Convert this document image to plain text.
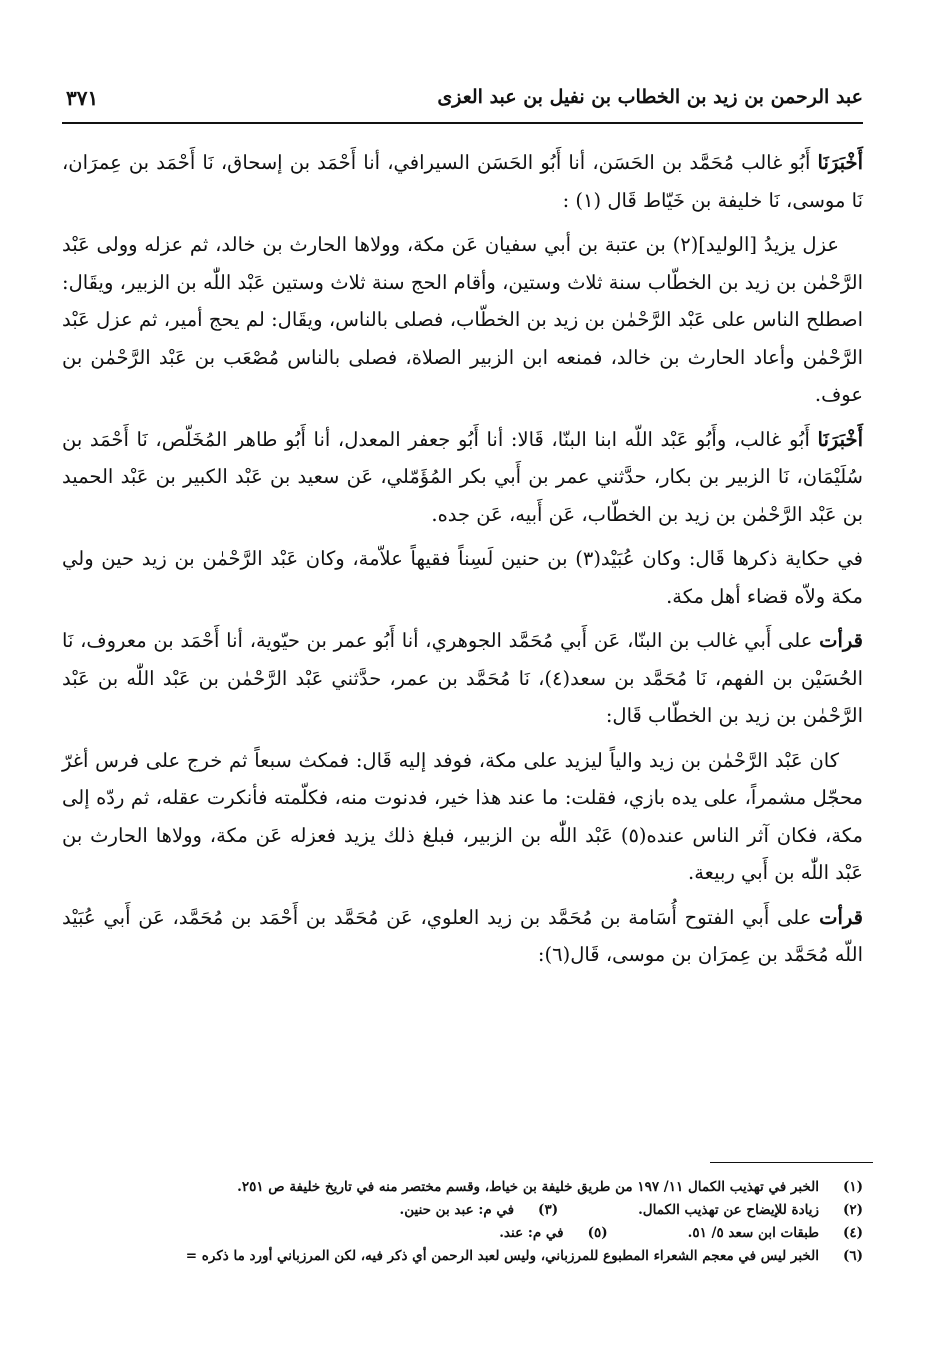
عبد الرحمن بن زيد بن الخطاب بن نفيل بن عبد العزى
٣٧١

أَخْبَرَنَا أَبُو غالب مُحَمَّد بن الحَسَن، أنا أَبُو الحَسَن السيرافي، أنا أَحْمَد بن إسحاق، نَا أَحْمَد بن عِمرَان، نَا موسى، نَا خليفة بن خَيّاط قَال (١) :

عزل يزيدُ [الوليد](٢) بن عتبة بن أبي سفيان عَن مكة، وولاها الحارث بن خالد، ثم عزله وولى عَبْد الرَّحْمٰن بن زيد بن الخطّاب سنة ثلاث وستين، وأقام الحج سنة ثلاث وستين عَبْد اللّٰه بن الزبير، ويقَال: اصطلح الناس على عَبْد الرَّحْمٰن بن زيد بن الخطّاب، فصلى بالناس، ويقَال: لم يحج أمير، ثم عزل عَبْد الرَّحْمٰن وأعاد الحارث بن خالد، فمنعه ابن الزبير الصلاة، فصلى بالناس مُصْعَب بن عَبْد الرَّحْمٰن بن عوف.

أَخْبَرَنَا أَبُو غالب، وأَبُو عَبْد اللّه ابنا البنّا، قَالا: أنا أَبُو جعفر المعدل، أنا أَبُو طاهر المُخَلّص، نَا أَحْمَد بن سُلَيْمَان، نَا الزبير بن بكار، حدَّثني عمر بن أَبي بكر المُؤَمّلي، عَن سعيد بن عَبْد الكبير بن عَبْد الحميد بن عَبْد الرَّحْمٰن بن زيد بن الخطّاب، عَن أَبيه، عَن جده.

في حكاية ذكرها قَال: وكان عُبَيْد(٣) بن حنين لَسِناً فقيهاً علاّمة، وكان عَبْد الرَّحْمٰن بن زيد حين ولي مكة ولاّه قضاء أهل مكة.

قرأت على أَبي غالب بن البنّا، عَن أَبي مُحَمَّد الجوهري، أنا أَبُو عمر بن حيّوية، أنا أَحْمَد بن معروف، نَا الحُسَيْن بن الفهم، نَا مُحَمَّد بن سعد(٤)، نَا مُحَمَّد بن عمر، حدَّثني عَبْد الرَّحْمٰن بن عَبْد اللّٰه بن عَبْد الرَّحْمٰن بن زيد بن الخطّاب قَال:

كان عَبْد الرَّحْمٰن بن زيد والياً ليزيد على مكة، فوفد إليه قَال: فمكث سبعاً ثم خرج على فرس أغرّ محجّل مشمراً، على يده بازي، فقلت: ما عند هذا خير، فدنوت منه، فكلّمته فأنكرت عقله، ثم ردّه إلى مكة، فكان آثر الناس عنده(٥) عَبْد اللّٰه بن الزبير، فبلغ ذلك يزيد فعزله عَن مكة، وولاها الحارث بن عَبْد اللّٰه بن أَبي ربيعة.

قرأت على أَبي الفتوح أُسَامة بن مُحَمَّد بن زيد العلوي، عَن مُحَمَّد بن أَحْمَد بن مُحَمَّد، عَن أَبي عُبَيْد اللّه مُحَمَّد بن عِمرَان بن موسى، قَال(٦):

(١)
الخبر في تهذيب الكمال ١١/ ١٩٧ من طريق خليفة بن خياط، وقسم مختصر منه في تاريخ خليفة ص ٢٥١.
(٢)
زيادة للإيضاح عن تهذيب الكمال.
(٣)
في م: عبد بن حنين.
(٤)
طبقات ابن سعد ٥/ ٥١.
(٥)
في م: عند.
(٦)
الخبر ليس في معجم الشعراء المطبوع للمرزباني، وليس لعبد الرحمن أي ذكر فيه، لكن المرزباني أورد ما ذكره =
